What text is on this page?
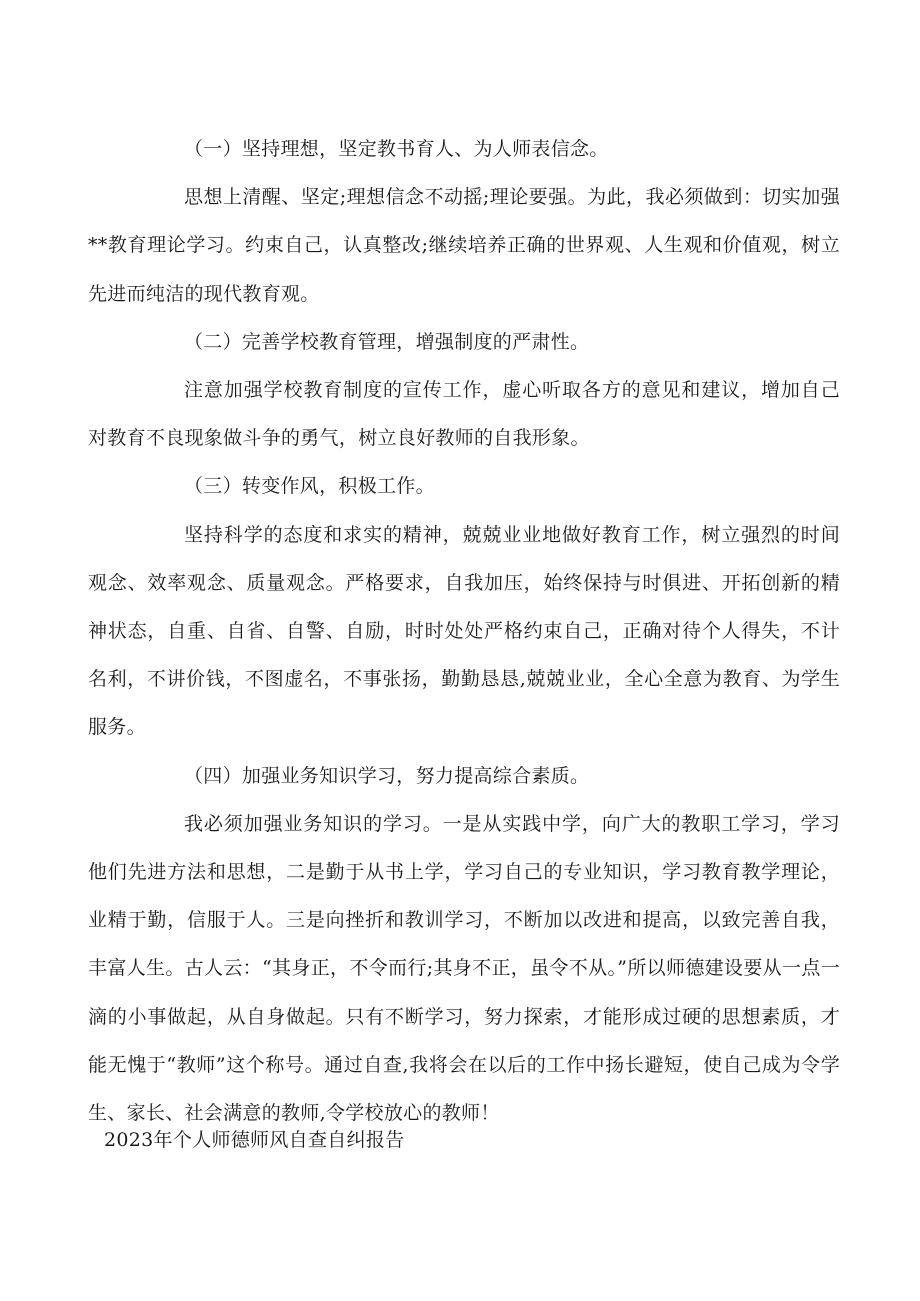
（一）坚持理想，坚定教书育人、为人师表信念。

思想上清醒、坚定;理想信念不动摇;理论要强。为此，我必须做到：切实加强**教育理论学习。约束自己，认真整改;继续培养正确的世界观、人生观和价值观，树立先进而纯洁的现代教育观。

（二）完善学校教育管理，增强制度的严肃性。

注意加强学校教育制度的宣传工作，虚心听取各方的意见和建议，增加自己对教育不良现象做斗争的勇气，树立良好教师的自我形象。

（三）转变作风，积极工作。

坚持科学的态度和求实的精神，兢兢业业地做好教育工作，树立强烈的时间观念、效率观念、质量观念。严格要求，自我加压，始终保持与时俱进、开拓创新的精神状态，自重、自省、自警、自励，时时处处严格约束自己，正确对待个人得失，不计名利，不讲价钱，不图虚名，不事张扬，勤勤恳恳,兢兢业业，全心全意为教育、为学生服务。

（四）加强业务知识学习，努力提高综合素质。

我必须加强业务知识的学习。一是从实践中学，向广大的教职工学习，学习他们先进方法和思想，二是勤于从书上学，学习自己的专业知识，学习教育教学理论，业精于勤，信服于人。三是向挫折和教训学习，不断加以改进和提高，以致完善自我，丰富人生。古人云：“其身正，不令而行;其身不正，虽令不从。”所以师德建设要从一点一滴的小事做起，从自身做起。只有不断学习，努力探索，才能形成过硬的思想素质，才能无愧于“教师”这个称号。通过自查,我将会在以后的工作中扬长避短，使自己成为令学生、家长、社会满意的教师,令学校放心的教师！

2023年个人师德师风自查自纠报告
